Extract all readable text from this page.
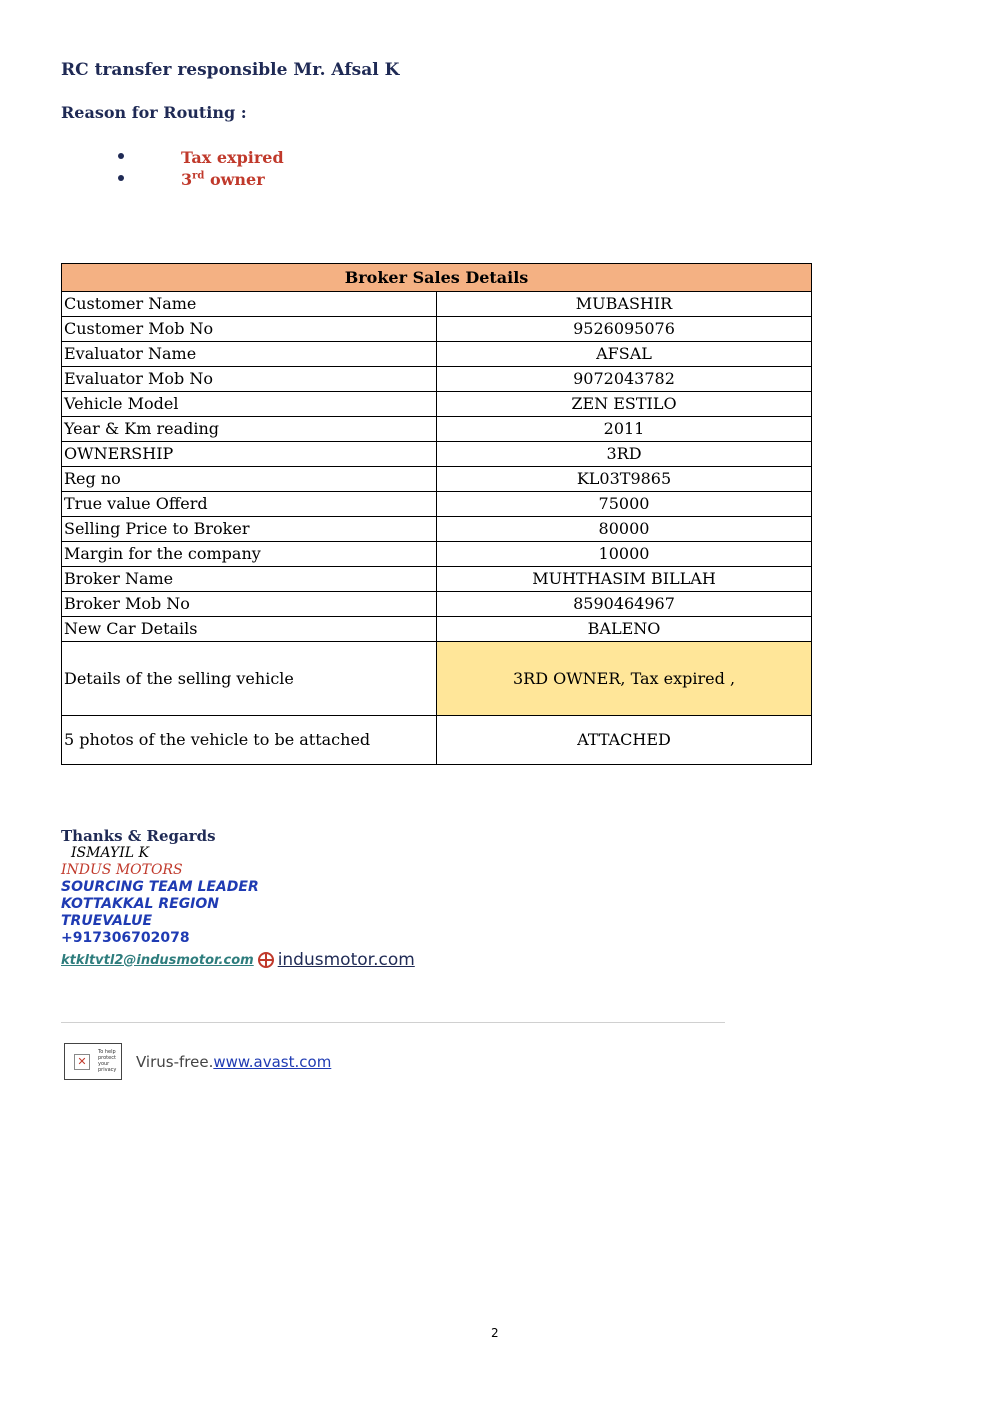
RC transfer responsible Mr. Afsal K
Reason for Routing :
Tax expired
3rd owner
Broker Sales Details	
Customer Name	MUBASHIR
Customer Mob No	9526095076
Evaluator Name	AFSAL
Evaluator Mob No	9072043782
Vehicle Model	ZEN ESTILO
Year & Km reading	2011
OWNERSHIP	3RD
Reg no	KL03T9865
True value Offerd	75000
Selling Price to Broker	80000
Margin for the company	10000
Broker Name	MUHTHASIM BILLAH
Broker Mob No	8590464967
New Car Details	BALENO
Details of the selling vehicle	3RD OWNER, Tax expired ,
5 photos of the vehicle to be attached	ATTACHED
Thanks & Regards
ISMAYIL K
INDUS MOTORS
SOURCING TEAM LEADER
KOTTAKKAL REGION
TRUEVALUE
+917306702078
ktkltvtl2@indusmotor.com indusmotor.com
✕
To help protect your privacy Virus-free.www.avast.com
2
